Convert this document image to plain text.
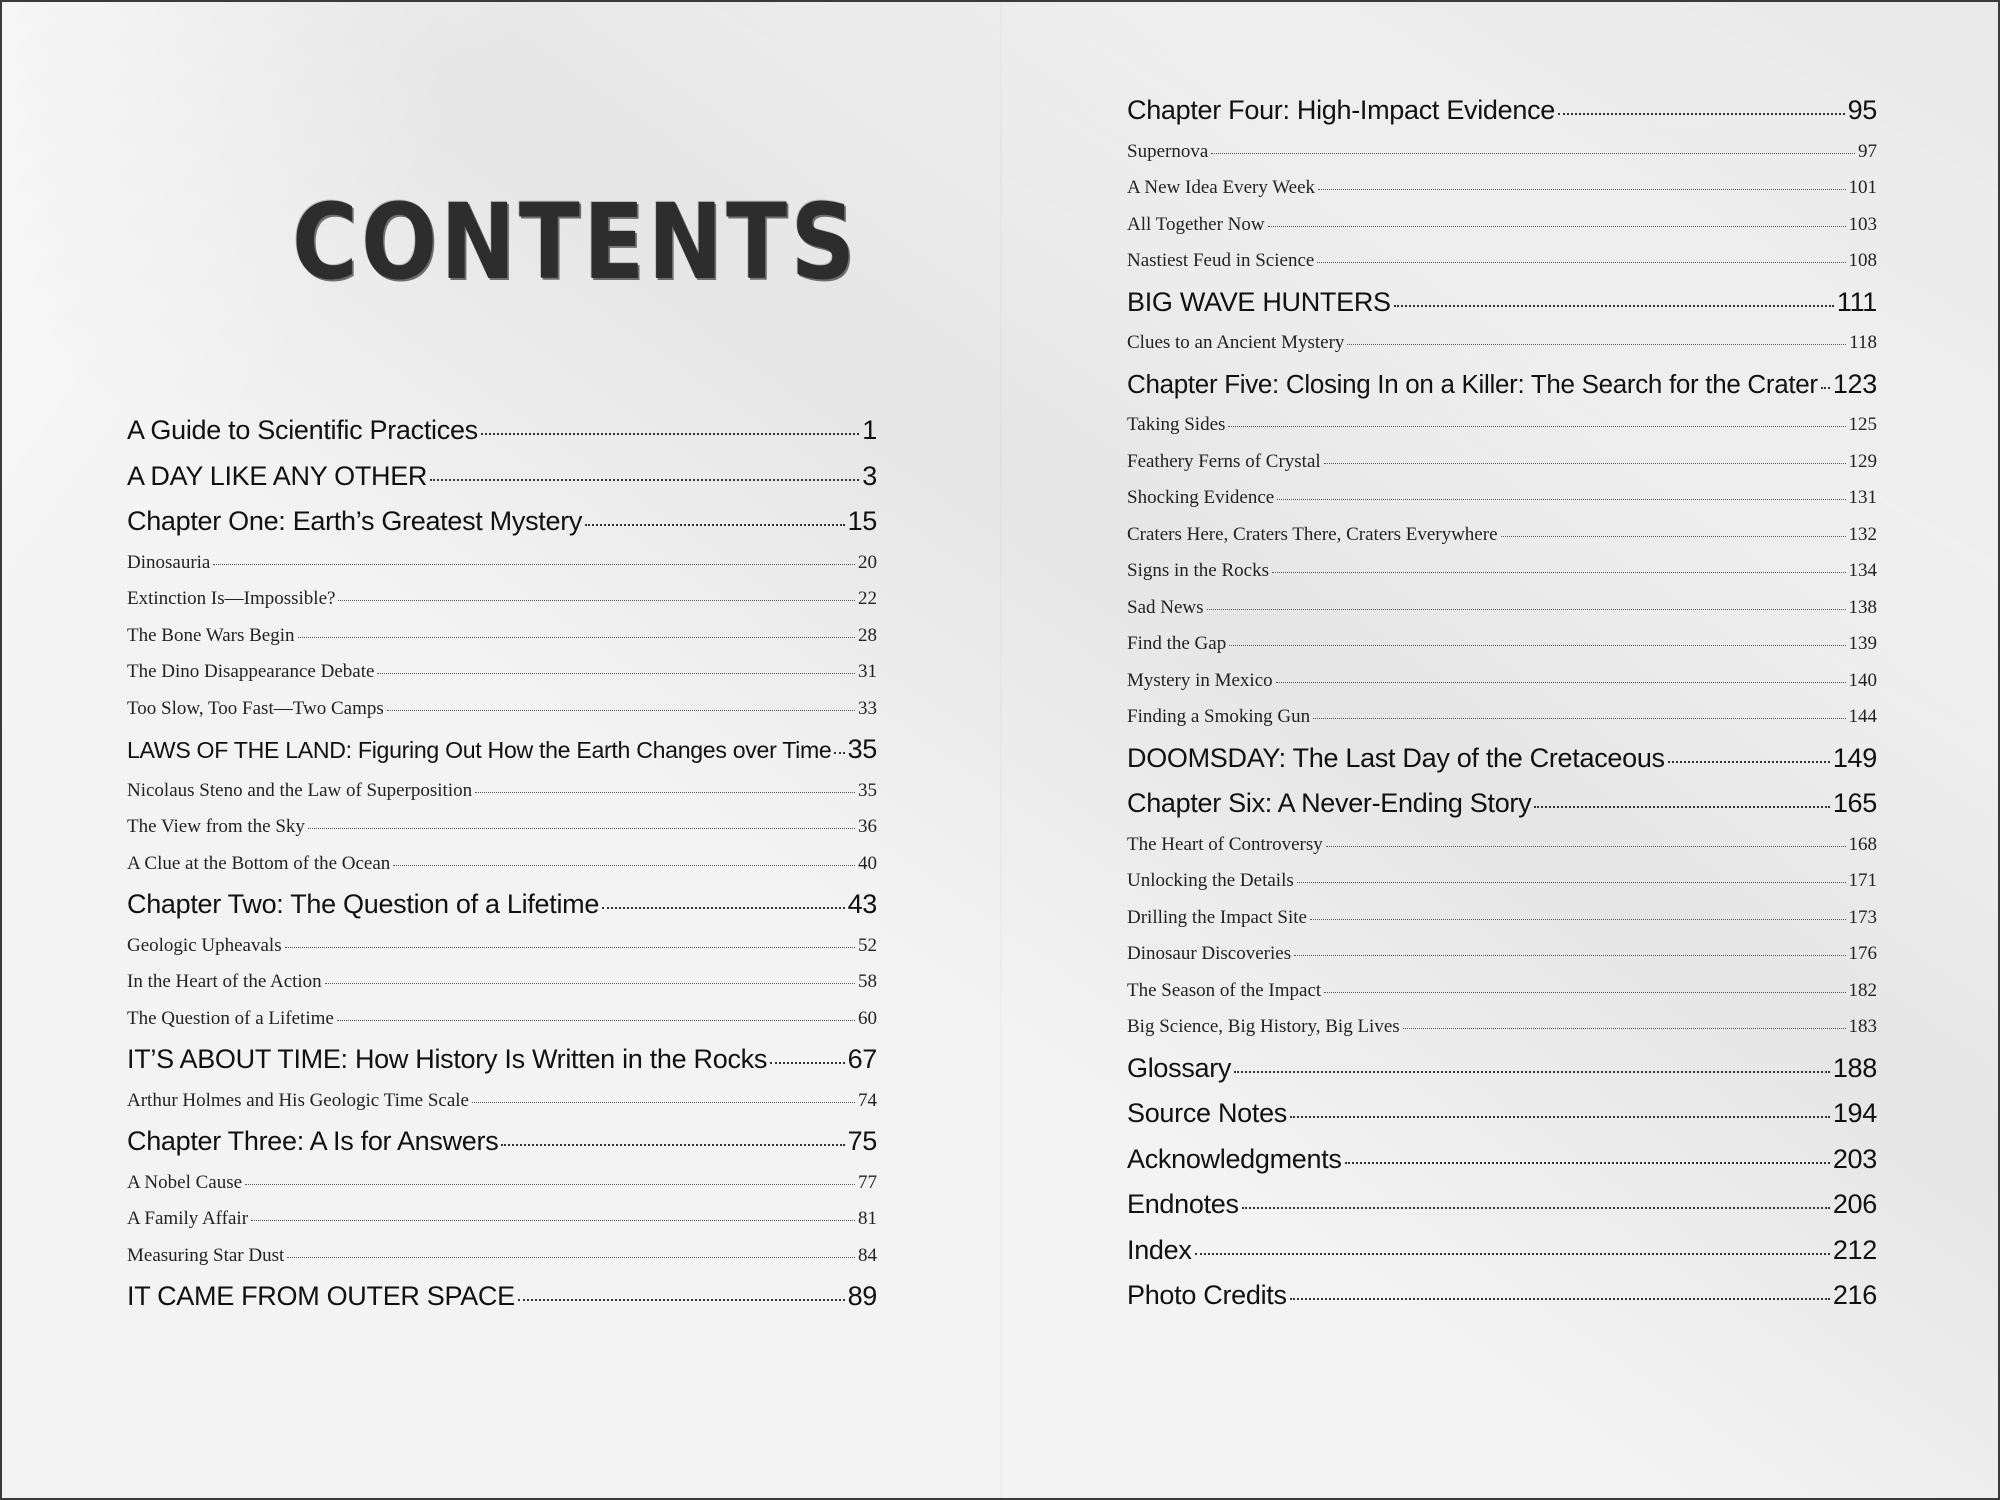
CONTENTS
A Guide to Scientific Practices	1
A DAY LIKE ANY OTHER	3
Chapter One: Earth’s Greatest Mystery	15
Dinosauria	20
Extinction Is—Impossible?	22
The Bone Wars Begin	28
The Dino Disappearance Debate	31
Too Slow, Too Fast—Two Camps	33
LAWS OF THE LAND: Figuring Out How the Earth Changes over Time 35
Nicolaus Steno and the Law of Superposition	35
The View from the Sky	36
A Clue at the Bottom of the Ocean	40
Chapter Two: The Question of a Lifetime	43
Geologic Upheavals	52
In the Heart of the Action	58
The Question of a Lifetime	60
IT’S ABOUT TIME: How History Is Written in the Rocks	67
Arthur Holmes and His Geologic Time Scale	74
Chapter Three: A Is for Answers	75
A Nobel Cause	77
A Family Affair	81
Measuring Star Dust	84
IT CAME FROM OUTER SPACE	89
Chapter Four: High-Impact Evidence	95
Supernova	97
A New Idea Every Week	101
All Together Now	103
Nastiest Feud in Science	108
BIG WAVE HUNTERS	111
Clues to an Ancient Mystery	118
Chapter Five: Closing In on a Killer: The Search for the Crater 123
Taking Sides	125
Feathery Ferns of Crystal	129
Shocking Evidence	131
Craters Here, Craters There, Craters Everywhere	132
Signs in the Rocks	134
Sad News	138
Find the Gap	139
Mystery in Mexico	140
Finding a Smoking Gun	144
DOOMSDAY: The Last Day of the Cretaceous	149
Chapter Six: A Never-Ending Story	165
The Heart of Controversy	168
Unlocking the Details	171
Drilling the Impact Site	173
Dinosaur Discoveries	176
The Season of the Impact	182
Big Science, Big History, Big Lives	183
Glossary	188
Source Notes	194
Acknowledgments	203
Endnotes	206
Index	212
Photo Credits	216
